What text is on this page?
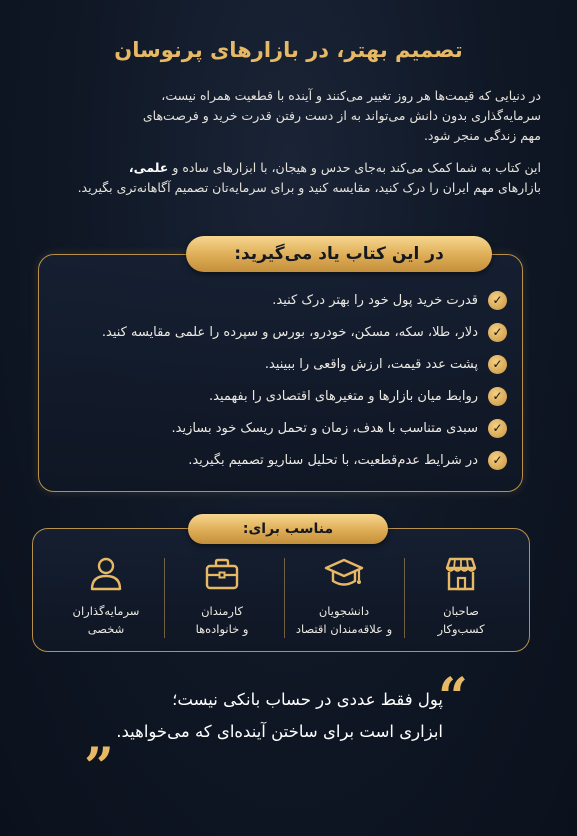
تصمیم بهتر، در بازارهای پرنوسان
در دنیایی که قیمت‌ها هر روز تغییر می‌کنند و آینده با قطعیت همراه نیست،
سرمایه‌گذاری بدون دانش می‌تواند به از دست رفتن قدرت خرید و فرصت‌های
مهم زندگی منجر شود.
این کتاب به شما کمک می‌کند به‌جای حدس و هیجان، با ابزارهای ساده و علمی،
بازارهای مهم ایران را درک کنید، مقایسه کنید و برای سرمایه‌تان تصمیم آگاهانه‌تری بگیرید.
در این کتاب یاد می‌گیرید:
✓
قدرت خرید پول خود را بهتر درک کنید.
✓
دلار، طلا، سکه، مسکن، خودرو، بورس و سپرده را علمی مقایسه کنید.
✓
پشت عدد قیمت، ارزش واقعی را ببینید.
✓
روابط میان بازارها و متغیرهای اقتصادی را بفهمید.
✓
سبدی متناسب با هدف، زمان و تحمل ریسک خود بسازید.
✓
در شرایط عدم‌قطعیت، با تحلیل سناریو تصمیم بگیرید.
مناسب برای:
صاحبان
کسب‌وکار
دانشجویان
و علاقه‌مندان اقتصاد
کارمندان
و خانواده‌ها
سرمایه‌گذاران
شخصی
“
پول فقط عددی در حساب بانکی نیست؛
ابزاری است برای ساختن آینده‌ای که می‌خواهید.
”
